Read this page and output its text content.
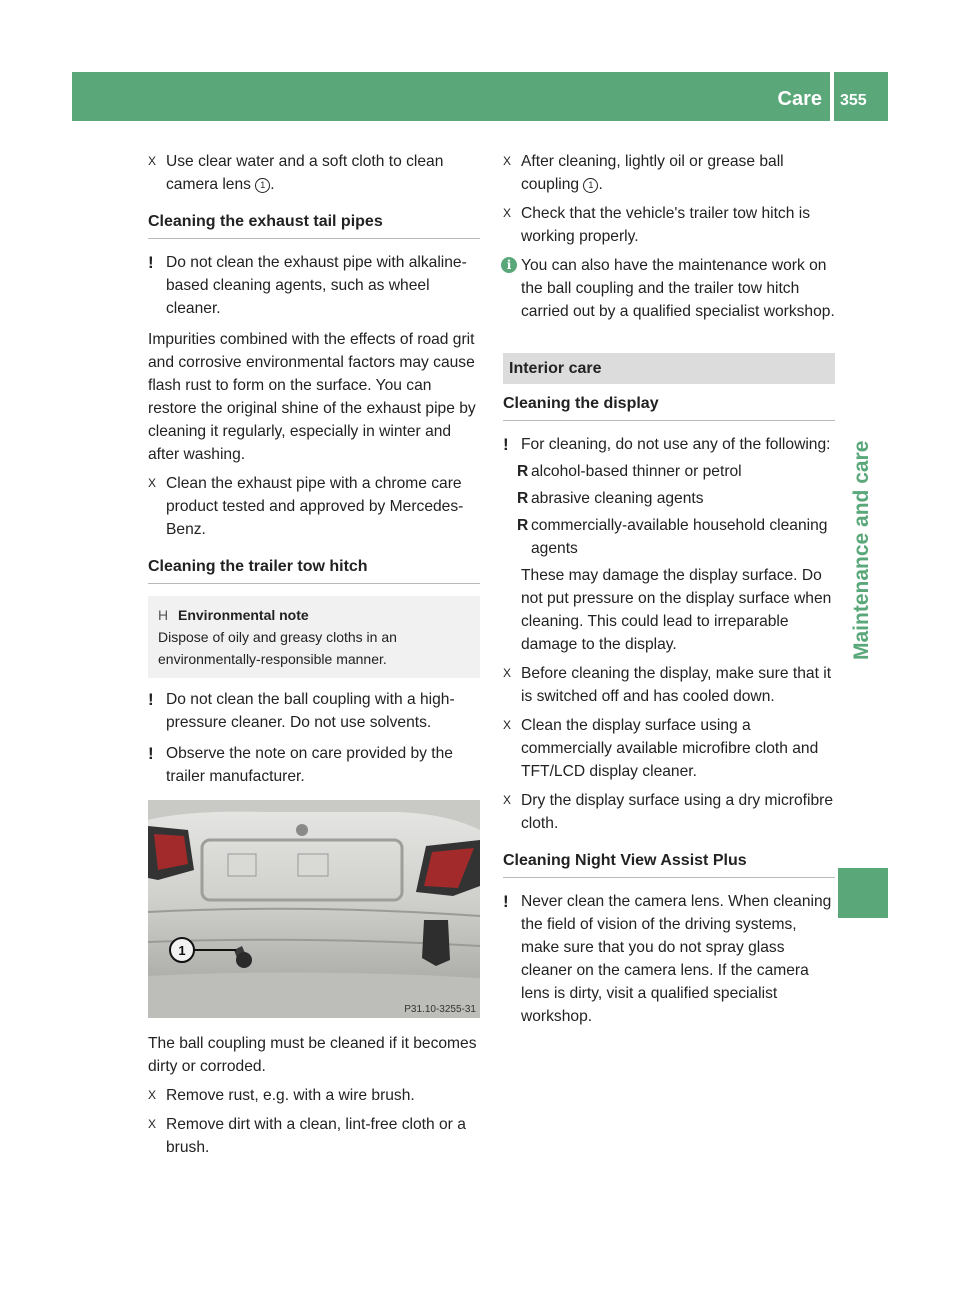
Care 355
Maintenance and care
X Use clear water and a soft cloth to clean camera lens 1 .
Cleaning the exhaust tail pipes
! Do not clean the exhaust pipe with alkaline-based cleaning agents, such as wheel cleaner.

Impurities combined with the effects of road grit and corrosive environmental factors may cause flash rust to form on the surface. You can restore the original shine of the exhaust pipe by cleaning it regularly, especially in winter and after washing.

X Clean the exhaust pipe with a chrome care product tested and approved by Mercedes-Benz.
Cleaning the trailer tow hitch
H Environmental note
Dispose of oily and greasy cloths in an environmentally-responsible manner.
! Do not clean the ball coupling with a high-pressure cleaner. Do not use solvents.
! Observe the note on care provided by the trailer manufacturer.
1
P31.10-3255-31

The ball coupling must be cleaned if it becomes dirty or corroded.

X Remove rust, e.g. with a wire brush.
X Remove dirt with a clean, lint-free cloth or a brush.
X After cleaning, lightly oil or grease ball coupling 1 .
X Check that the vehicle's trailer tow hitch is working properly.
i You can also have the maintenance work on the ball coupling and the trailer tow hitch carried out by a qualified specialist workshop.
Interior care
Cleaning the display
! For cleaning, do not use any of the following:
R alcohol-based thinner or petrol
R abrasive cleaning agents
R commercially-available household cleaning agents
These may damage the display surface. Do not put pressure on the display surface when cleaning. This could lead to irreparable damage to the display.
X Before cleaning the display, make sure that it is switched off and has cooled down.
X Clean the display surface using a commercially available microfibre cloth and TFT/LCD display cleaner.
X Dry the display surface using a dry microfibre cloth.
Cleaning Night View Assist Plus
! Never clean the camera lens. When cleaning the field of vision of the driving systems, make sure that you do not spray glass cleaner on the camera lens. If the camera lens is dirty, visit a qualified specialist workshop.
